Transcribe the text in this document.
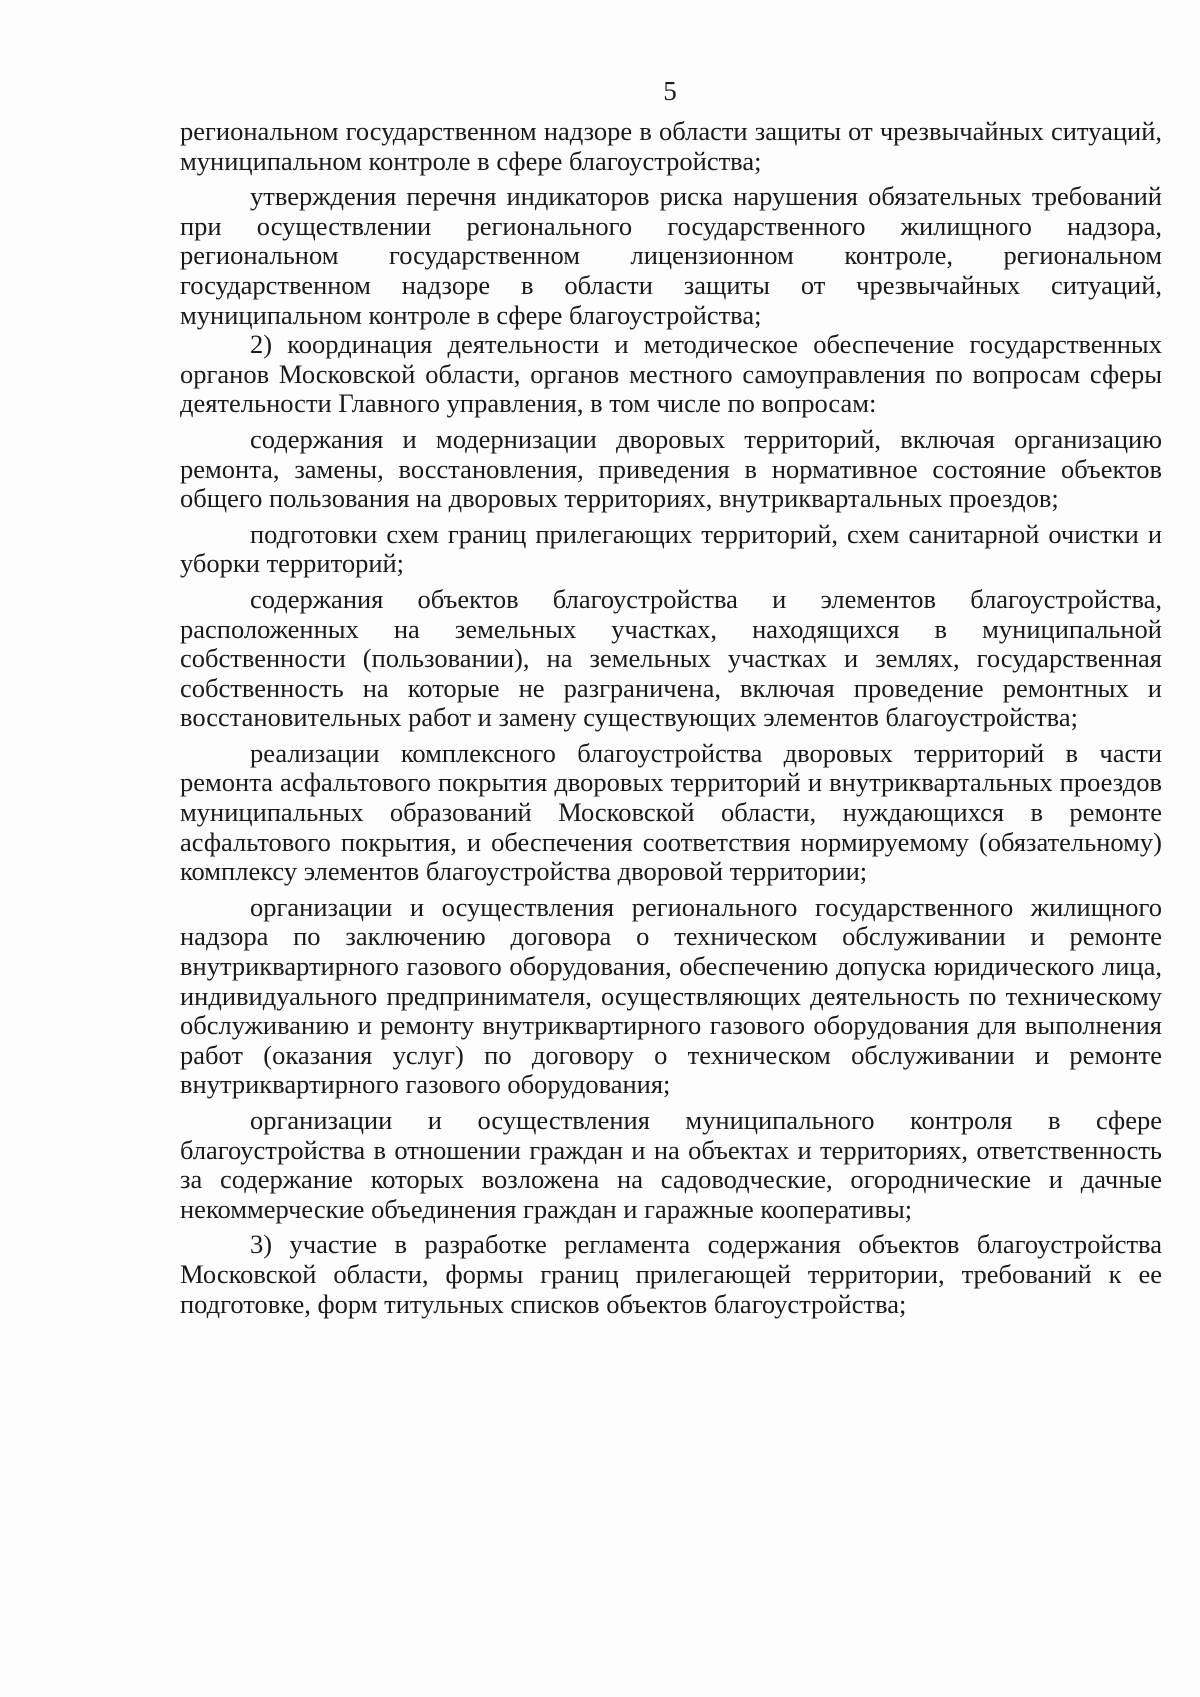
5

региональном государственном надзоре в области защиты от чрезвычайных ситуаций, муниципальном контроле в сфере благоустройства;

утверждения перечня индикаторов риска нарушения обязательных требований при осуществлении регионального государственного жилищного надзора, региональном государственном лицензионном контроле, региональном государственном надзоре в области защиты от чрезвычайных ситуаций, муниципальном контроле в сфере благоустройства;

2) координация деятельности и методическое обеспечение государственных органов Московской области, органов местного самоуправления по вопросам сферы деятельности Главного управления, в том числе по вопросам:

содержания и модернизации дворовых территорий, включая организацию ремонта, замены, восстановления, приведения в нормативное состояние объектов общего пользования на дворовых территориях, внутриквартальных проездов;

подготовки схем границ прилегающих территорий, схем санитарной очистки и уборки территорий;

содержания объектов благоустройства и элементов благоустройства, расположенных на земельных участках, находящихся в муниципальной собственности (пользовании), на земельных участках и землях, государственная собственность на которые не разграничена, включая проведение ремонтных и восстановительных работ и замену существующих элементов благоустройства;

реализации комплексного благоустройства дворовых территорий в части ремонта асфальтового покрытия дворовых территорий и внутриквартальных проездов муниципальных образований Московской области, нуждающихся в ремонте асфальтового покрытия, и обеспечения соответствия нормируемому (обязательному) комплексу элементов благоустройства дворовой территории;

организации и осуществления регионального государственного жилищного надзора по заключению договора о техническом обслуживании и ремонте внутриквартирного газового оборудования, обеспечению допуска юридического лица, индивидуального предпринимателя, осуществляющих деятельность по техническому обслуживанию и ремонту внутриквартирного газового оборудования для выполнения работ (оказания услуг) по договору о техническом обслуживании и ремонте внутриквартирного газового оборудования;

организации и осуществления муниципального контроля в сфере благоустройства в отношении граждан и на объектах и территориях, ответственность за содержание которых возложена на садоводческие, огороднические и дачные некоммерческие объединения граждан и гаражные кооперативы;

3) участие в разработке регламента содержания объектов благоустройства Московской области, формы границ прилегающей территории, требований к ее подготовке, форм титульных списков объектов благоустройства;
